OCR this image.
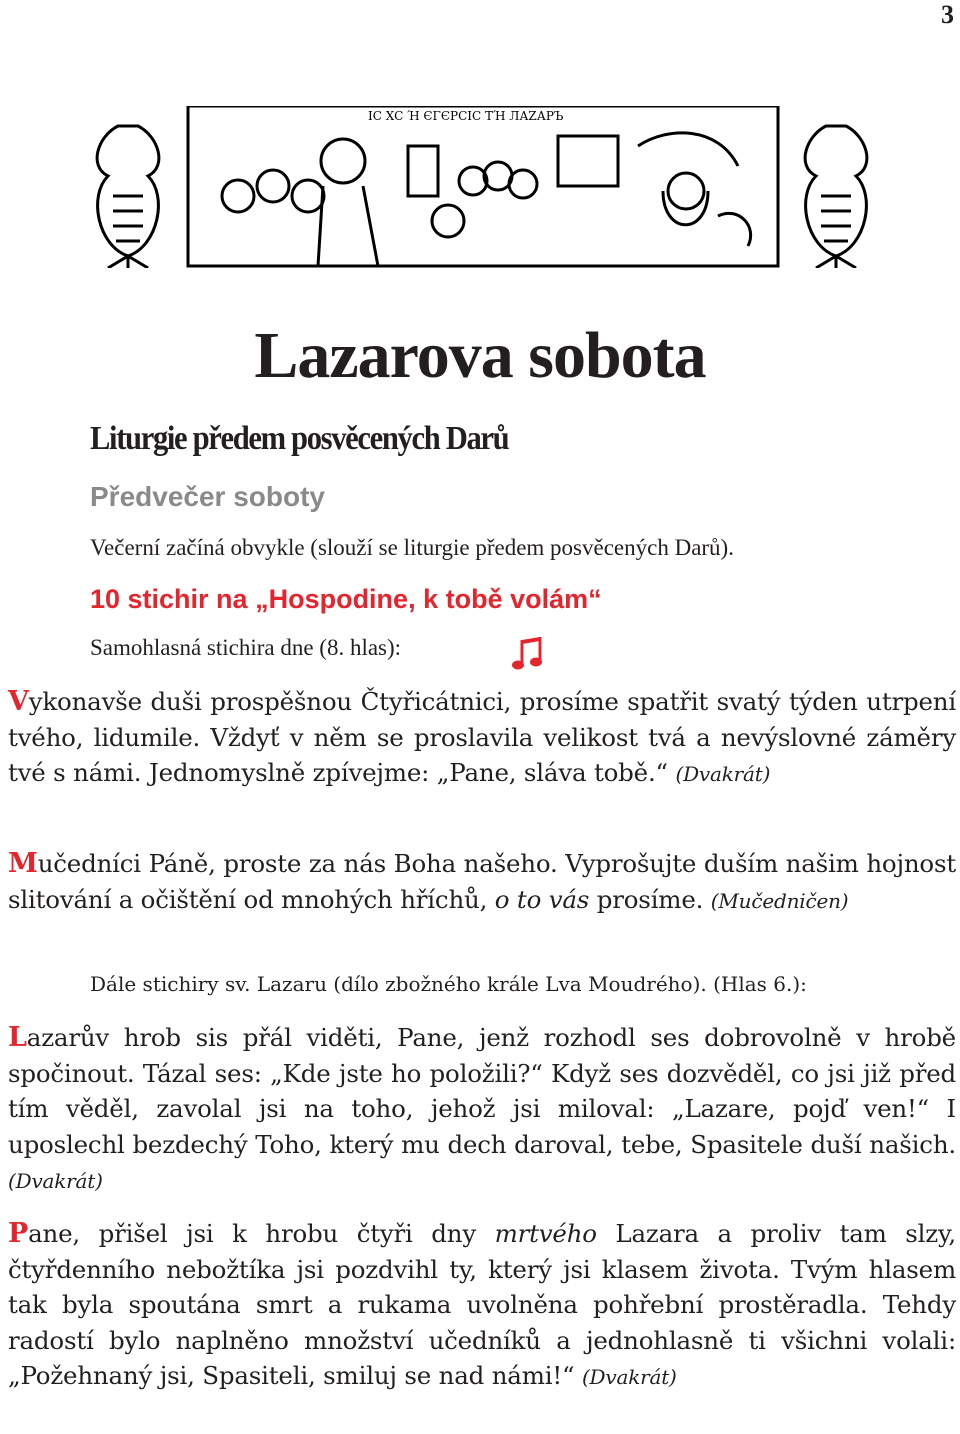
3
IC XC Ή ЄΓЄРСІС ТΉ ЛАZАРЪ
Lazarova sobota
Liturgie předem posvěcených Darů
Předvečer soboty

Večerní začíná obvykle (slouží se liturgie předem posvěcených Darů).

10 stichir na „Hospodine, k tobě volám“

Samohlasná stichira dne (8. hlas):

Vykonavše duši prospěšnou Čtyřicátnici, prosíme spatřit svatý týden utrpení tvého, lidumile. Vždyť v něm se proslavila velikost tvá a nevýslovné záměry tvé s námi. Jednomyslně zpívejme: „Pane, sláva tobě.“ (Dvakrát)

Mučedníci Páně, proste za nás Boha našeho. Vyprošujte duším našim hojnost slitování a očištění od mnohých hříchů, o to vás prosíme. (Mučedničen)

Dále stichiry sv. Lazaru (dílo zbožného krále Lva Moudrého). (Hlas 6.):

Lazarův hrob sis přál viděti, Pane, jenž rozhodl ses dobrovolně v hrobě spočinout. Tázal ses: „Kde jste ho položili?“ Když ses dozvěděl, co jsi již před tím věděl, zavolal jsi na toho, jehož jsi miloval: „Lazare, pojď ven!“ I uposlechl bezdechý Toho, který mu dech daroval, tebe, Spasitele duší našich. (Dvakrát)

Pane, přišel jsi k hrobu čtyři dny mrtvého Lazara a proliv tam slzy, čtyřdenního nebožtíka jsi pozdvihl ty, který jsi klasem života. Tvým hlasem tak byla spoutána smrt a rukama uvolněna pohřební prostěradla. Tehdy radostí bylo naplněno množství učedníků a jednohlasně ti všichni volali: „Požehnaný jsi, Spasiteli, smiluj se nad námi!“ (Dvakrát)
